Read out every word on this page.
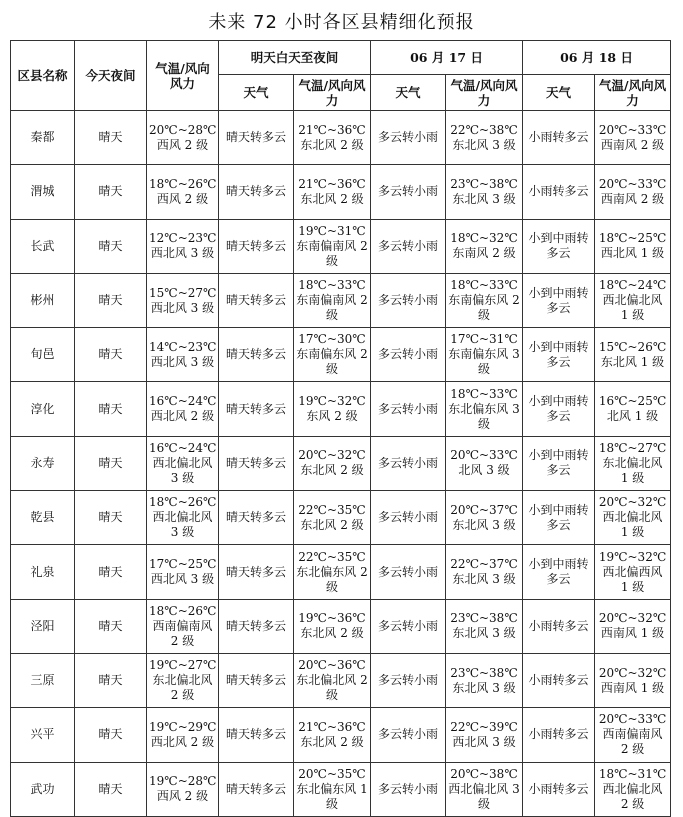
未来 72 小时各区县精细化预报
区县名称	今天夜间	气温/风向风力	明天白天至夜间		06 月 17 日		06 月 18 日	
			天气	气温/风向风力	天气	气温/风向风力	天气	气温/风向风力
秦都	晴天	20℃~28℃西风 2 级	晴天转多云	21℃~36℃东北风 2 级	多云转小雨	22℃~38℃东北风 3 级	小雨转多云	20℃~33℃西南风 2 级
渭城	晴天	18℃~26℃西风 2 级	晴天转多云	21℃~36℃东北风 2 级	多云转小雨	23℃~38℃东北风 3 级	小雨转多云	20℃~33℃西南风 2 级
长武	晴天	12℃~23℃西北风 3 级	晴天转多云	19℃~31℃东南偏南风 2 级	多云转小雨	18℃~32℃东南风 2 级	小到中雨转多云	18℃~25℃西北风 1 级
彬州	晴天	15℃~27℃西北风 3 级	晴天转多云	18℃~33℃东南偏南风 2 级	多云转小雨	18℃~33℃东南偏东风 2 级	小到中雨转多云	18℃~24℃西北偏北风 1 级
旬邑	晴天	14℃~23℃西北风 3 级	晴天转多云	17℃~30℃东南偏东风 2 级	多云转小雨	17℃~31℃东南偏东风 3 级	小到中雨转多云	15℃~26℃东北风 1 级
淳化	晴天	16℃~24℃西北风 2 级	晴天转多云	19℃~32℃东风 2 级	多云转小雨	18℃~33℃东北偏东风 3 级	小到中雨转多云	16℃~25℃北风 1 级
永寿	晴天	16℃~24℃西北偏北风 3 级	晴天转多云	20℃~32℃东北风 2 级	多云转小雨	20℃~33℃北风 3 级	小到中雨转多云	18℃~27℃东北偏北风 1 级
乾县	晴天	18℃~26℃西北偏北风 3 级	晴天转多云	22℃~35℃东北风 2 级	多云转小雨	20℃~37℃东北风 3 级	小到中雨转多云	20℃~32℃西北偏北风 1 级
礼泉	晴天	17℃~25℃西北风 3 级	晴天转多云	22℃~35℃东北偏东风 2 级	多云转小雨	22℃~37℃东北风 3 级	小到中雨转多云	19℃~32℃西北偏西风 1 级
泾阳	晴天	18℃~26℃西南偏南风 2 级	晴天转多云	19℃~36℃东北风 2 级	多云转小雨	23℃~38℃东北风 3 级	小雨转多云	20℃~32℃西南风 1 级
三原	晴天	19℃~27℃东北偏北风 2 级	晴天转多云	20℃~36℃东北偏北风 2 级	多云转小雨	23℃~38℃东北风 3 级	小雨转多云	20℃~32℃西南风 1 级
兴平	晴天	19℃~29℃西北风 2 级	晴天转多云	21℃~36℃东北风 2 级	多云转小雨	22℃~39℃西北风 3 级	小雨转多云	20℃~33℃西南偏南风 2 级
武功	晴天	19℃~28℃西风 2 级	晴天转多云	20℃~35℃东北偏东风 1 级	多云转小雨	20℃~38℃西北偏北风 3 级	小雨转多云	18℃~31℃西北偏北风 2 级
